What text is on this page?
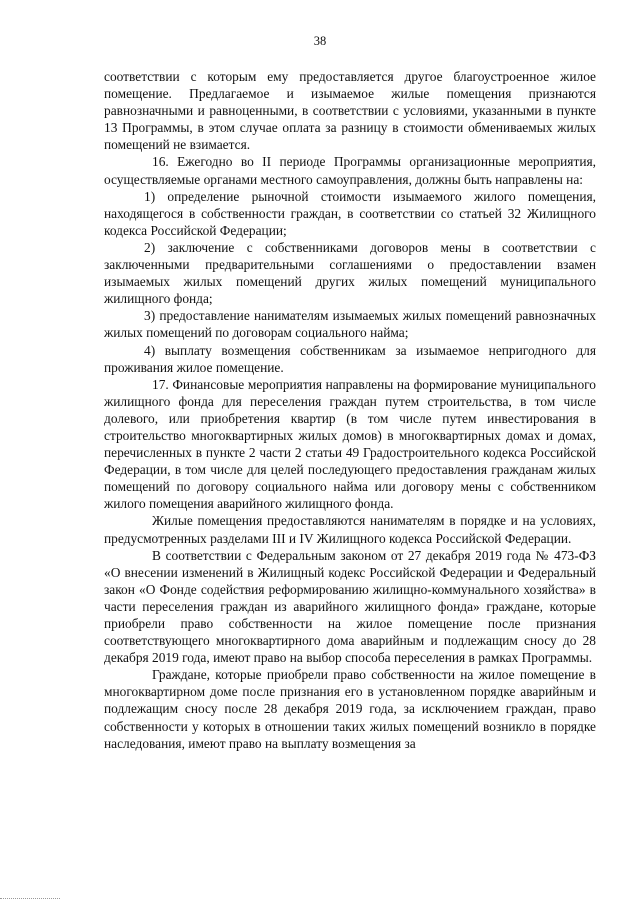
38

соответствии с которым ему предоставляется другое благоустроенное жилое помещение. Предлагаемое и изымаемое жилые помещения признаются равнозначными и равноценными, в соответствии с условиями, указанными в пункте 13 Программы, в этом случае оплата за разницу в стоимости обмениваемых жилых помещений не взимается.

16. Ежегодно во II периоде Программы организационные мероприятия, осуществляемые органами местного самоуправления, должны быть направлены на:

1) определение рыночной стоимости изымаемого жилого помещения, находящегося в собственности граждан, в соответствии со статьей 32 Жилищного кодекса Российской Федерации;

2) заключение с собственниками договоров мены в соответствии с заключенными предварительными соглашениями о предоставлении взамен изымаемых жилых помещений других жилых помещений муниципального жилищного фонда;

3) предоставление нанимателям изымаемых жилых помещений равнозначных жилых помещений по договорам социального найма;

4) выплату возмещения собственникам за изымаемое непригодного для проживания жилое помещение.

17. Финансовые мероприятия направлены на формирование муниципального жилищного фонда для переселения граждан путем строительства, в том числе долевого, или приобретения квартир (в том числе путем инвестирования в строительство многоквартирных жилых домов) в многоквартирных домах и домах, перечисленных в пункте 2 части 2 статьи 49 Градостроительного кодекса Российской Федерации, в том числе для целей последующего предоставления гражданам жилых помещений по договору социального найма или договору мены с собственником жилого помещения аварийного жилищного фонда.

Жилые помещения предоставляются нанимателям в порядке и на условиях, предусмотренных разделами III и IV Жилищного кодекса Российской Федерации.

В соответствии с Федеральным законом от 27 декабря 2019 года № 473-ФЗ «О внесении изменений в Жилищный кодекс Российской Федерации и Федеральный закон «О Фонде содействия реформированию жилищно-коммунального хозяйства» в части переселения граждан из аварийного жилищного фонда» граждане, которые приобрели право собственности на жилое помещение после признания соответствующего многоквартирного дома аварийным и подлежащим сносу до 28 декабря 2019 года, имеют право на выбор способа переселения в рамках Программы.

Граждане, которые приобрели право собственности на жилое помещение в многоквартирном доме после признания его в установленном порядке аварийным и подлежащим сносу после 28 декабря 2019 года, за исключением граждан, право собственности у которых в отношении таких жилых помещений возникло в порядке наследования, имеют право на выплату возмещения за
